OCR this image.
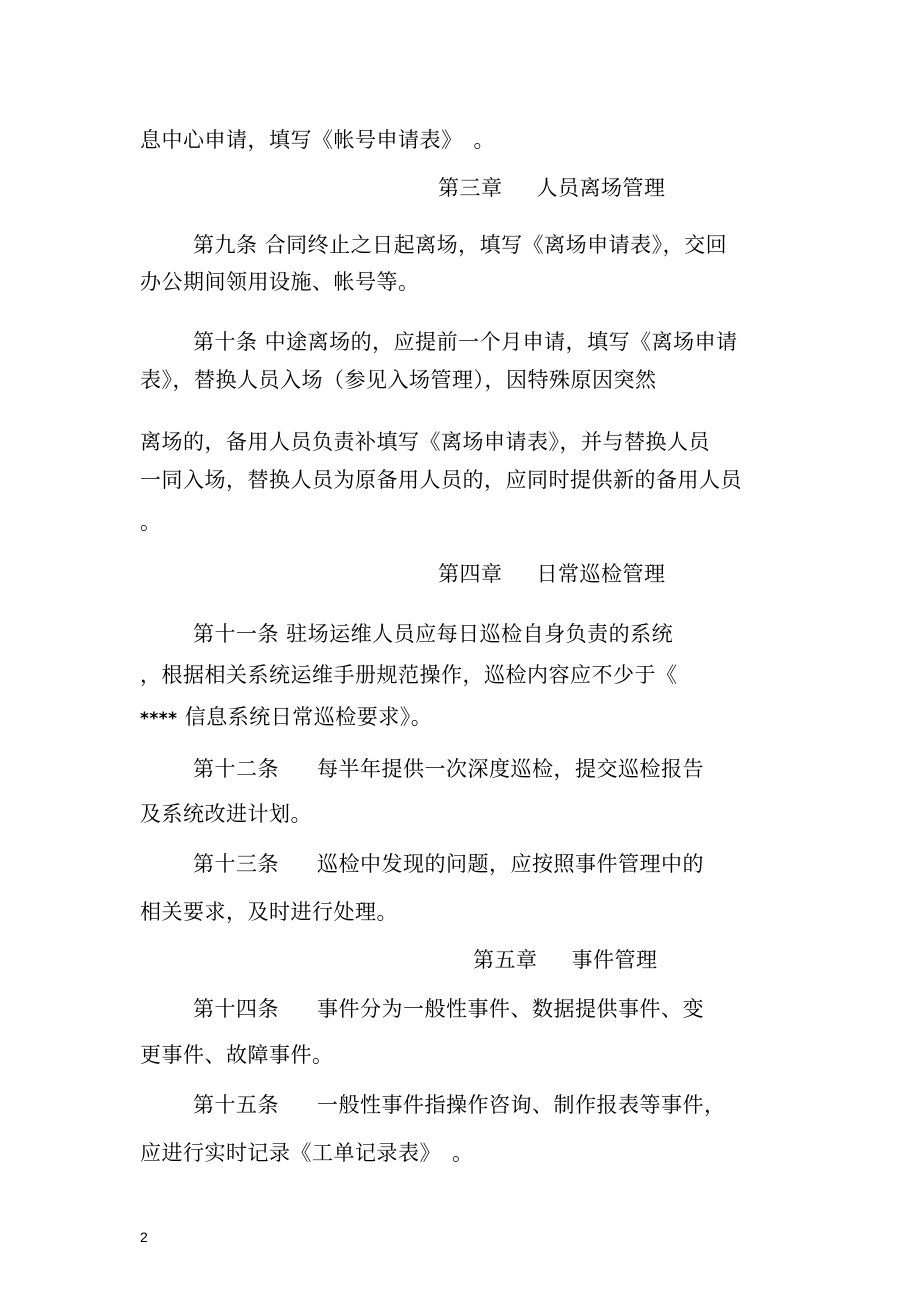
息中心申请，填写《帐号申请表》　。
第三章 人员离场管理
第九条 合同终止之日起离场，填写《离场申请表》，交回
办公期间领用设施、帐号等。
第十条 中途离场的，应提前一个月申请，填写《离场申请
表》，替换人员入场（参见入场管理），因特殊原因突然
离场的，备用人员负责补填写《离场申请表》，并与替换人员
一同入场，替换人员为原备用人员的，应同时提供新的备用人员
。
第四章 日常巡检管理
第十一条 驻场运维人员应每日巡检自身负责的系统
，根据相关系统运维手册规范操作，巡检内容应不少于《
**** 信息系统日常巡检要求》。
第十二条 每半年提供一次深度巡检，提交巡检报告
及系统改进计划。
第十三条 巡检中发现的问题，应按照事件管理中的
相关要求，及时进行处理。
第五章 事件管理
第十四条 事件分为一般性事件、数据提供事件、变
更事件、故障事件。
第十五条 一般性事件指操作咨询、制作报表等事件，
应进行实时记录《工单记录表》　。
2
